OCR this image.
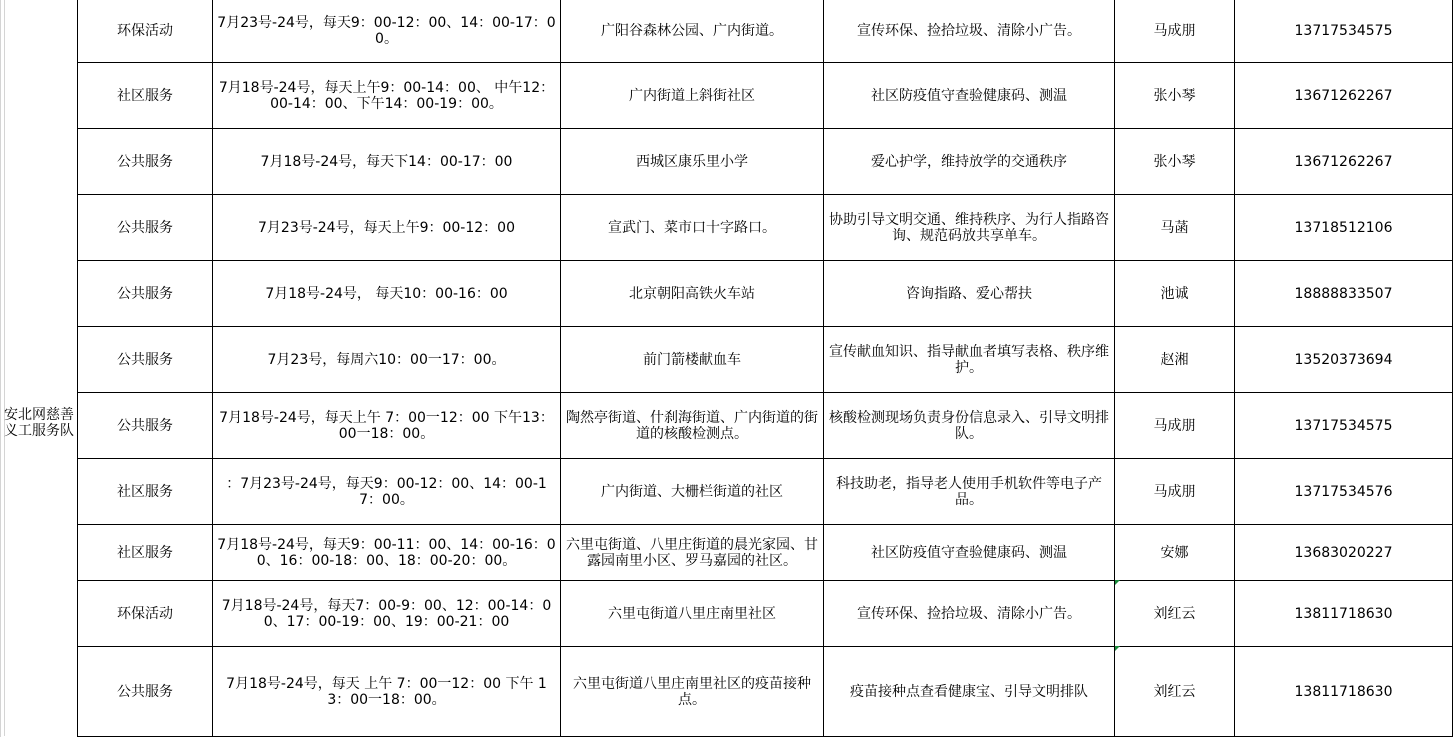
安北网慈善义工服务队	环保活动	7月23号-24号，每天9：00-12：00、14：00-17：00。	广阳谷森林公园、广内街道。	宣传环保、捡拾垃圾、清除小广告。	马成朋	13717534575
	社区服务	7月18号-24号，每天上午9：00-14：00、 中午12：00-14：00、下午14：00-19：00。	广内街道上斜街社区	社区防疫值守查验健康码、测温	张小琴	13671262267
	公共服务	7月18号-24号，每天下14：00-17：00	西城区康乐里小学	爱心护学，维持放学的交通秩序	张小琴	13671262267
	公共服务	7月23号-24号，每天上午9：00-12：00	宣武门、菜市口十字路口。	协助引导文明交通、维持秩序、为行人指路咨询、规范码放共享单车。	马菡	13718512106
	公共服务	7月18号-24号， 每天10：00-16：00	北京朝阳高铁火车站	咨询指路、爱心帮扶	池诚	18888833507
	公共服务	7月23号，每周六10：00一17：00。	前门箭楼献血车	宣传献血知识、指导献血者填写表格、秩序维护。	赵湘	13520373694
	公共服务	7月18号-24号，每天上午 7：00一12：00 下午13：00一18：00。	陶然亭街道、什刹海街道、广内街道的街道的核酸检测点。	核酸检测现场负责身份信息录入、引导文明排队。	马成朋	13717534575
	社区服务	：7月23号-24号，每天9：00-12：00、14：00-17：00。	广内街道、大栅栏街道的社区	科技助老，指导老人使用手机软件等电子产品。	马成朋	13717534576
	社区服务	7月18号-24号，每天9：00-11：00、14：00-16：00、16：00-18：00、18：00-20：00。	六里屯街道、八里庄街道的晨光家园、甘露园南里小区、罗马嘉园的社区。	社区防疫值守查验健康码、测温	安娜	13683020227
	环保活动	7月18号-24号，每天7：00-9：00、12：00-14：00、17：00-19：00、19：00-21：00	六里屯街道八里庄南里社区	宣传环保、捡拾垃圾、清除小广告。	刘红云	13811718630
	公共服务	7月18号-24号，每天 上午 7：00一12：00 下午 13：00一18：00。	六里屯街道八里庄南里社区的疫苗接种点。	疫苗接种点查看健康宝、引导文明排队	刘红云	13811718630
